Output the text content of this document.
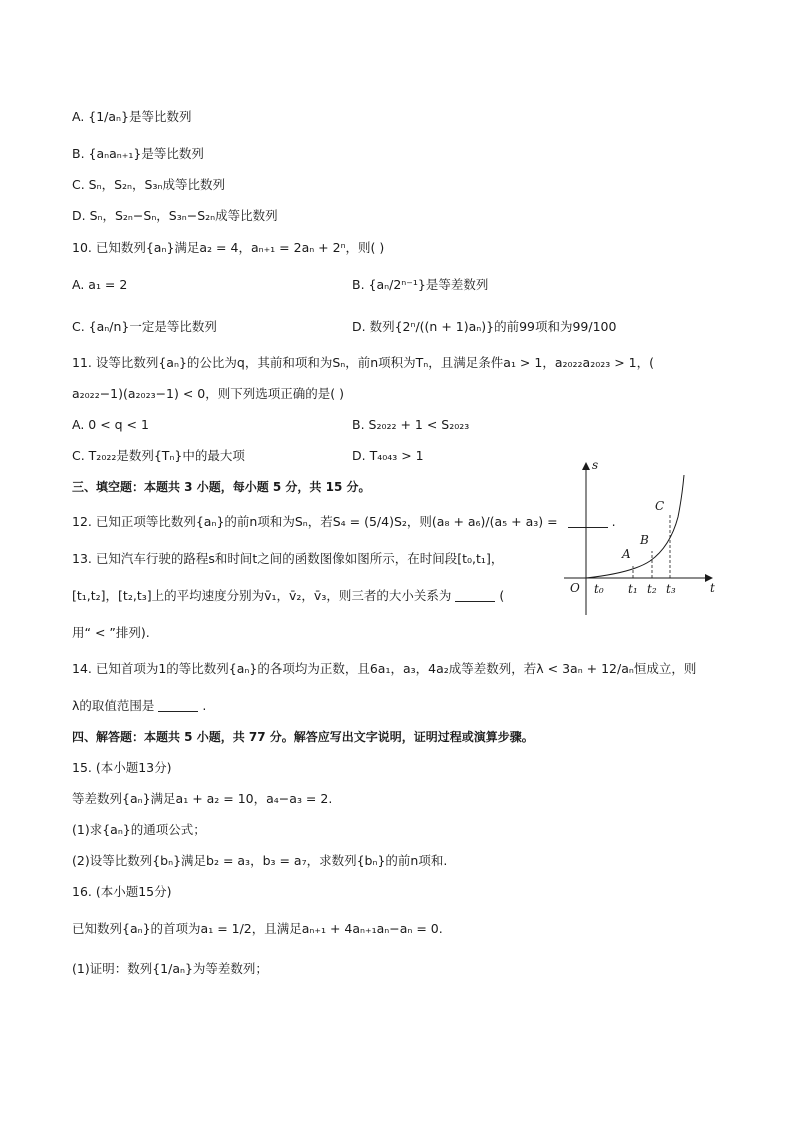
A. {1/aₙ}是等比数列
B. {aₙaₙ₊₁}是等比数列
C. Sₙ，S₂ₙ，S₃ₙ成等比数列
D. Sₙ，S₂ₙ−Sₙ，S₃ₙ−S₂ₙ成等比数列
10. 已知数列{aₙ}满足a₂ = 4，aₙ₊₁ = 2aₙ + 2ⁿ，则( )
A. a₁ = 2	B. {aₙ/2ⁿ⁻¹}是等差数列
C. {aₙ/n}一定是等比数列	D. 数列{2ⁿ/((n + 1)aₙ)}的前99项和为99/100
11. 设等比数列{aₙ}的公比为q，其前和项和为Sₙ，前n项积为Tₙ，且满足条件a₁ > 1，a₂₀₂₂a₂₀₂₃ > 1，(
a₂₀₂₂−1)(a₂₀₂₃−1) < 0，则下列选项正确的是( )
A. 0 < q < 1	B. S₂₀₂₂ + 1 < S₂₀₂₃
C. T₂₀₂₂是数列{Tₙ}中的最大项	D. T₄₀₄₃ > 1
三、填空题：本题共 3 小题，每小题 5 分，共 15 分。
12. 已知正项等比数列{aₙ}的前n项和为Sₙ，若S₄ = (5/4)S₂，则(a₈ + a₆)/(a₅ + a₃) =	.
13. 已知汽车行驶的路程s和时间t之间的函数图像如图所示，在时间段[t₀,t₁]，
[t₁,t₂]，[t₂,t₃]上的平均速度分别为v̄₁，v̄₂，v̄₃，则三者的大小关系为	(
用“ < ”排列).
s
t
O
A
B
C
t₀ t₁ t₂ t₃
14. 已知首项为1的等比数列{aₙ}的各项均为正数，且6a₁，a₃，4a₂成等差数列，若λ < 3aₙ + 12/aₙ恒成立，则
λ的取值范围是	.
四、解答题：本题共 5 小题，共 77 分。解答应写出文字说明，证明过程或演算步骤。
15. (本小题13分)
等差数列{aₙ}满足a₁ + a₂ = 10，a₄−a₃ = 2.
(1)求{aₙ}的通项公式；
(2)设等比数列{bₙ}满足b₂ = a₃，b₃ = a₇，求数列{bₙ}的前n项和.
16. (本小题15分)
已知数列{aₙ}的首项为a₁ = 1/2，且满足aₙ₊₁ + 4aₙ₊₁aₙ−aₙ = 0.
(1)证明：数列{1/aₙ}为等差数列；
